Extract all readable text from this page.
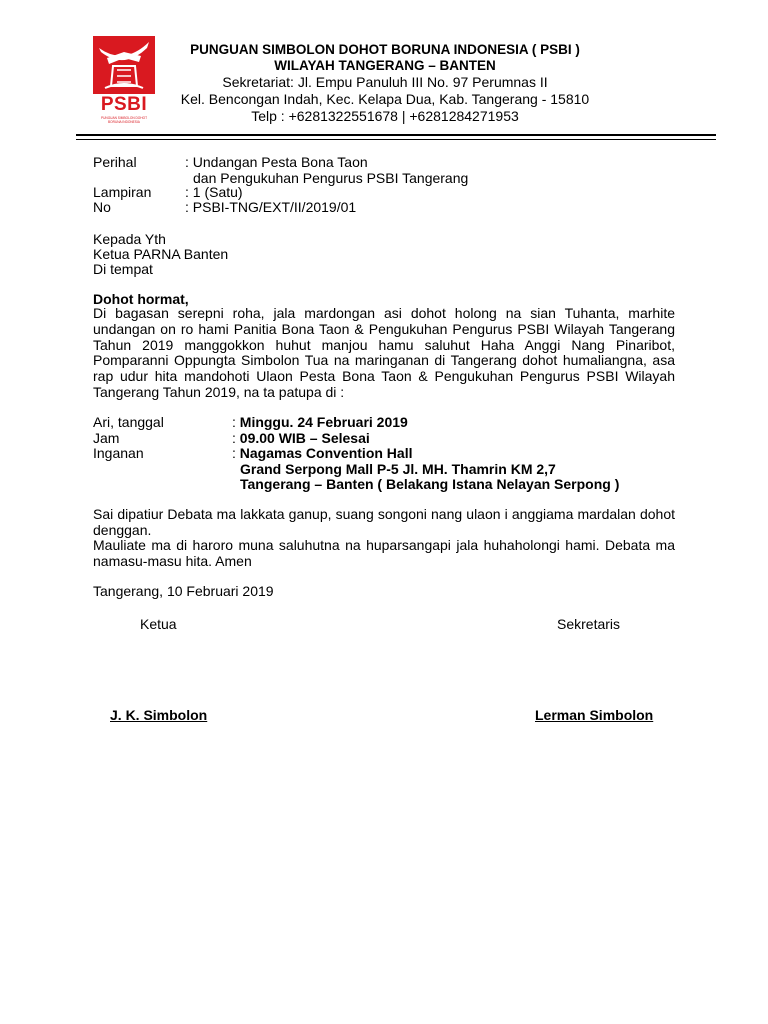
PSBI
PUNGUAN SIMBOLON DOHOT BORUNA INDONESIA
PUNGUAN SIMBOLON DOHOT BORUNA INDONESIA ( PSBI )
WILAYAH TANGERANG – BANTEN
Sekretariat: Jl. Empu Panuluh III No. 97 Perumnas II
Kel. Bencongan Indah, Kec. Kelapa Dua, Kab. Tangerang - 15810
Telp : +6281322551678 | +6281284271953
Perihal	: Undangan Pesta Bona Taon
dan Pengukuhan Pengurus PSBI Tangerang
Lampiran : 1 (Satu)
No	: PSBI-TNG/EXT/II/2019/01
Kepada Yth
Ketua PARNA Banten
Di tempat
Dohot hormat,
Di bagasan serepni roha, jala mardongan asi dohot holong na sian Tuhanta, marhite undangan on ro hami Panitia Bona Taon & Pengukuhan Pengurus PSBI Wilayah Tangerang Tahun 2019 manggokkon huhut manjou hamu saluhut Haha Anggi Nang Pinaribot, Pomparanni Oppungta Simbolon Tua na maringanan di Tangerang dohot humaliangna, asa rap udur hita mandohoti Ulaon Pesta Bona Taon & Pengukuhan Pengurus PSBI Wilayah Tangerang Tahun 2019, na ta patupa di :
Ari, tanggal	: Minggu. 24 Februari 2019
Jam	: 09.00 WIB – Selesai
Inganan	: Nagamas Convention Hall
Grand Serpong Mall P-5 Jl. MH. Thamrin KM 2,7
Tangerang – Banten ( Belakang Istana Nelayan Serpong )
Sai dipatiur Debata ma lakkata ganup, suang songoni nang ulaon i anggiama mardalan dohot denggan.
Mauliate ma di haroro muna saluhutna na huparsangapi jala huhaholongi hami. Debata ma namasu-masu hita. Amen
Tangerang, 10 Februari 2019
Ketua	Sekretaris
J. K. Simbolon	Lerman Simbolon
